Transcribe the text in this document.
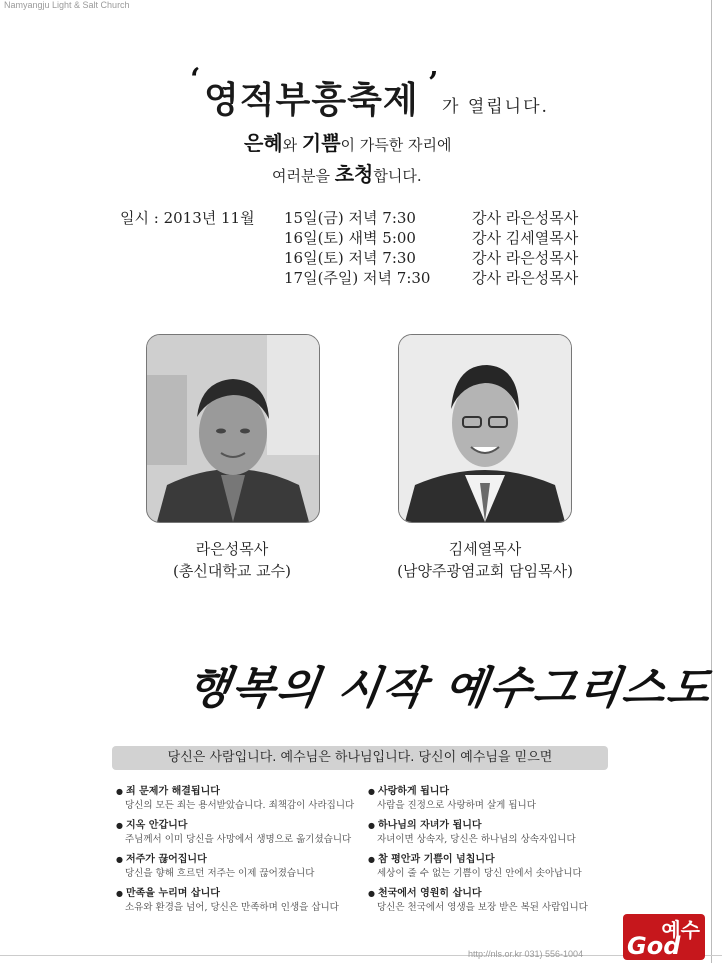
Namyangju Light & Salt Church
‘
영적부흥축제 ’
가 열립니다.
은혜와 기쁨이 가득한 자리에
여러분을 초청합니다.
일시 : 2013년 11월 15일(금) 저녁 7:30
16일(토) 새벽 5:00
16일(토) 저녁 7:30
17일(주일) 저녁 7:30
강사 라은성목사
강사 김세열목사
강사 라은성목사
강사 라은성목사
라은성목사
(총신대학교 교수)
김세열목사
(남양주광염교회 담임목사)
행복의 시작 예수그리스도
당신은 사람입니다. 예수님은 하나님입니다. 당신이 예수님을 믿으면
● 죄 문제가 해결됩니다
당신의 모든 죄는 용서받았습니다. 죄책감이 사라집니다
● 지옥 안갑니다
주님께서 이미 당신을 사망에서 생명으로 옮기셨습니다
● 저주가 끊어집니다
당신을 향해 흐르던 저주는 이제 끊어졌습니다
● 만족을 누리며 삽니다
소유와 환경을 넘어, 당신은 만족하며 인생을 삽니다
● 사랑하게 됩니다
사람을 진정으로 사랑하며 살게 됩니다
● 하나님의 자녀가 됩니다
자녀이면 상속자, 당신은 하나님의 상속자입니다
● 참 평안과 기쁨이 넘칩니다
세상이 줄 수 없는 기쁨이 당신 안에서 솟아납니다
● 천국에서 영원히 삽니다
당신은 천국에서 영생을 보장 받은 복된 사람입니다
예수
God
http://nls.or.kr 031) 556-1004
